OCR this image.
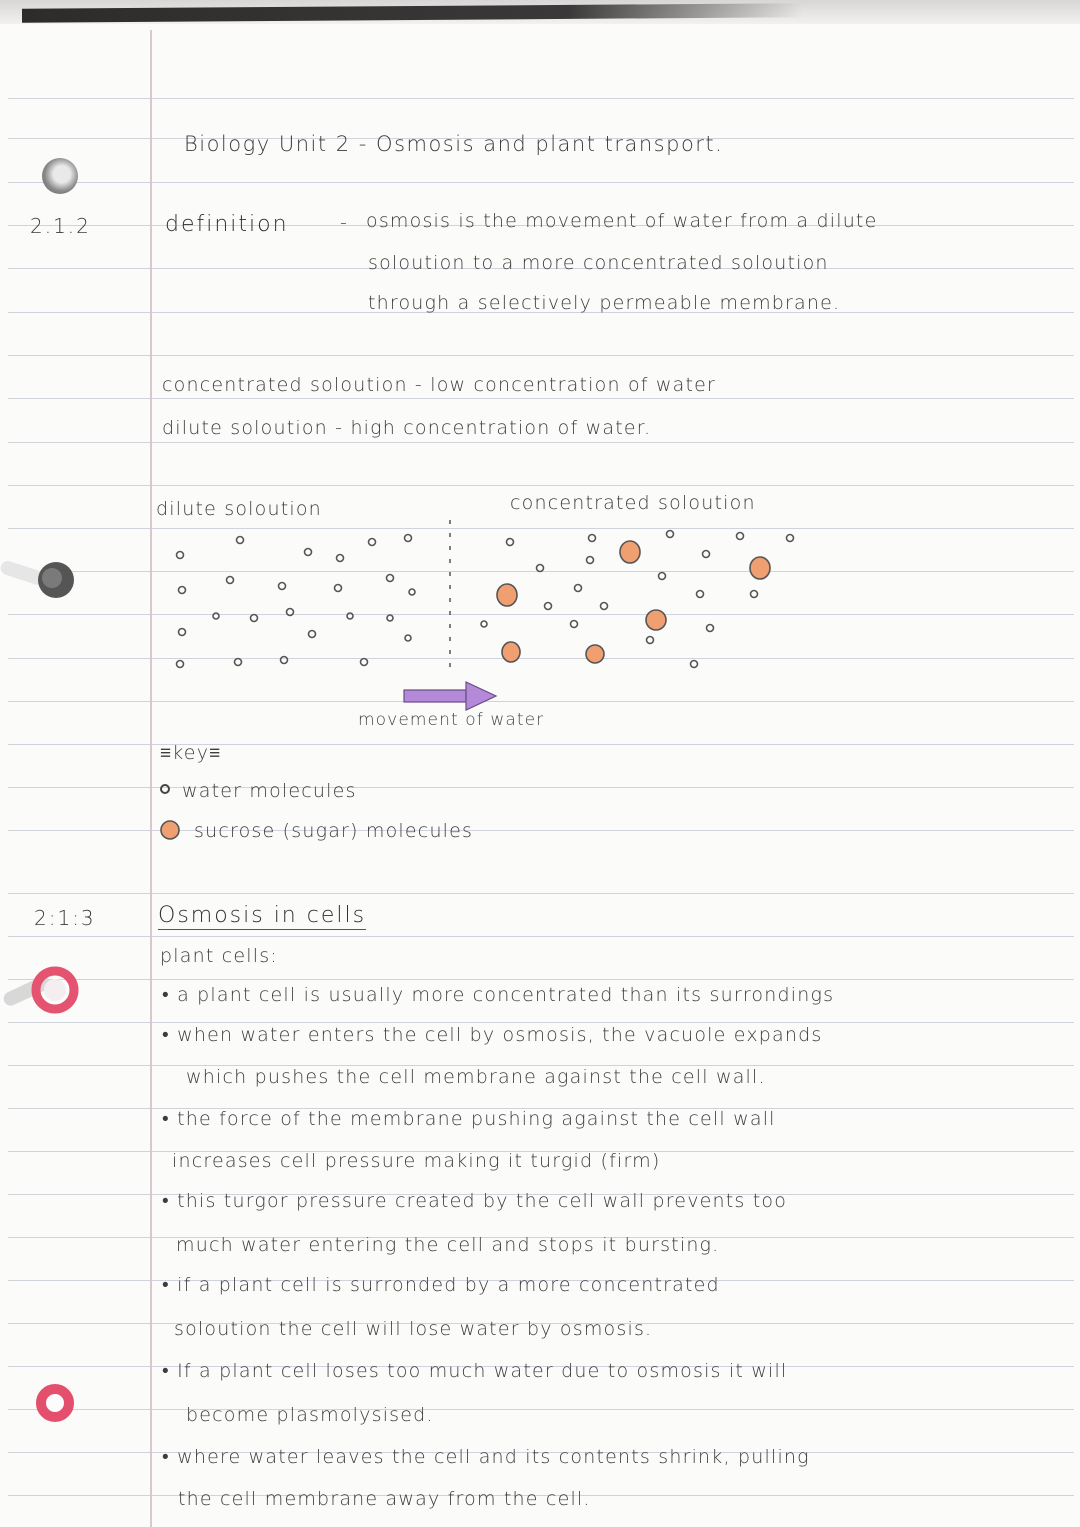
Biology Unit 2 - Osmosis and plant transport.
2.1.2	definition	- osmosis is the movement of water from a dilute
soloution to a more concentrated soloution
through a selectively permeable membrane.
concentrated soloution - low concentration of water
dilute soloution - high concentration of water.
dilute soloution	concentrated soloution
movement of water
≡key≡
water molecules
sucrose (sugar) molecules
2:1:3	Osmosis in cells
plant cells:
• a plant cell is usually more concentrated than its surrondings
• when water enters the cell by osmosis, the vacuole expands
which pushes the cell membrane against the cell wall.
• the force of the membrane pushing against the cell wall
increases cell pressure making it turgid (firm)
• this turgor pressure created by the cell wall prevents too
much water entering the cell and stops it bursting.
• if a plant cell is surronded by a more concentrated
soloution the cell will lose water by osmosis.
• If a plant cell loses too much water due to osmosis it will
become plasmolysised.
• where water leaves the cell and its contents shrink, pulling
the cell membrane away from the cell.
